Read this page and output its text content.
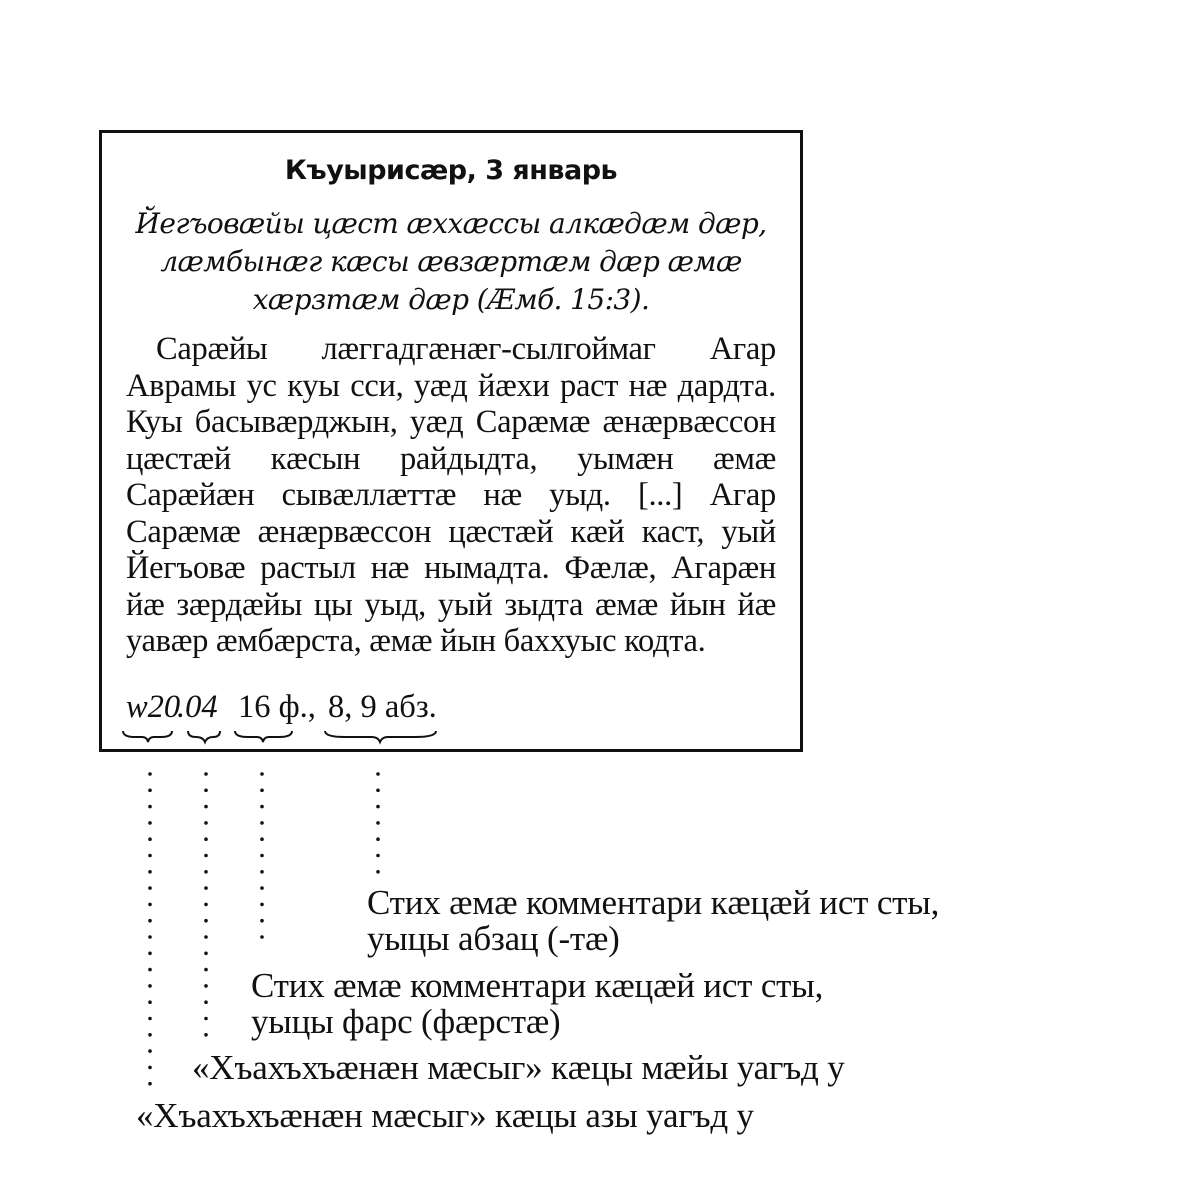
Къуырисæр, 3 январь
Йегъовæйы цæст æххæссы алкæдæм дæр, лæмбынæг кæсы æвзæртæм дæр æмæ хæрзтæм дæр (Æмб. 15:3).
Сарæйы лæггадгæнæг-сылгоймаг Агар Аврамы ус куы сси, уæд йæхи раст нæ дардта. Куы басывæрджын, уæд Сарæмæ æнæрвæссон цæстæй кæсын райдыдта, уымæн æмæ Сарæйæн сывæллæттæ нæ уыд. [...] Агар Сарæмæ æнæрвæссон цæстæй кæй каст, уый Йегъовæ растыл нæ нымадта. Фæлæ, Агарæн йæ зæрдæйы цы уыд, уый зыдта æмæ йын йæ уавæр æмбæрста, æмæ йын баххуыс кодта.
w20
.04 16 ф., 8, 9 абз.
Стих æмæ комментари кæцæй ист сты,
уыцы абзац (-тæ)
Стих æмæ комментари кæцæй ист сты,
уыцы фарс (фæрстæ)
«Хъахъхъæнæн мæсыг» кæцы мæйы уагъд у
«Хъахъхъæнæн мæсыг» кæцы азы уагъд у
